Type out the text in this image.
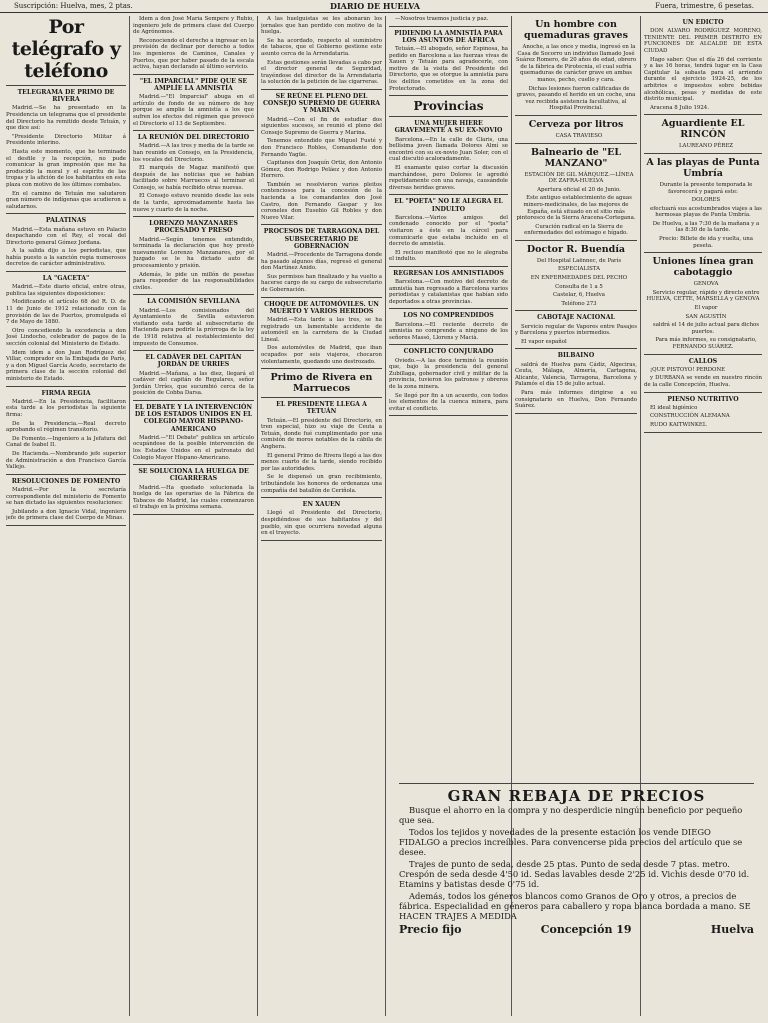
Suscripción: Huelva, mes, 2 ptas.	DIARIO DE HUELVA	Fuera, trimestre, 6 pesetas.
Por telégrafo y teléfono
TELEGRAMA DE PRIMO DE RIVERA

Madrid.—Se ha presentado en la Presidencia un telegrama que el presidente del Directorio ha remitido desde Tetuán, y que dice así:

"Presidente Directorio Militar á Presidente interino.

Hasta este momento, que he terminado el desfile y la recepción, no pude comunicar la gran impresión que me ha producido la moral y el espíritu de las tropas y la afición de los habitantes en esta plaza con motivo de los últimos combates.

En el camino de Tetuán me saludaron gran número de indígenas que acudieron a saludarnos.

PALATINAS

Madrid.—Esta mañana estuvo en Palacio despachando con el Rey, el vocal del Directorio general Gómez Jordana.

A la salida dijo a los periodistas, que había puesto a la sanción regia numerosos decretos de carácter administrativo.

LA "GACETA"

Madrid.—Este diario oficial, entre otras, publica las siguientes disposiciones:

Modificando el artículo 68 del R. D. de 11 de Junio de 1912 relacionado con la provisión de las de Puertos, promulgada el 7 de Mayo de 1880.

Otro concediendo la excedencia a don José Lindocho, celebrador de pagos de la sección colonial del Ministerio de Estado.

Idem idem a don Juan Rodríguez del Villar, comprador en la Embajada de París, y a don Miguel García Acedo, secretario de primera clase de la sección colonial del ministerio de Estado.

FIRMA REGIA

Madrid.—En la Presidencia, facilitaron esta tarde a los periodistas la siguiente firma:

De la Presidencia.—Real decreto aprobando el régimen transitorio.

De Fomento.—Ingeniero a la Jefatura del Canal de Isabel II.

De Hacienda.—Nombrando jefe superior de Administración a don Francisco García Vallejo.

RESOLUCIONES DE FOMENTO

Madrid.—Por la secretaría correspondiente del ministerio de Fomento se han dictado las siguientes resoluciones:

Jubilando a don Ignacio Vidal, ingeniero jefe de primera clase del Cuerpo de Minas.

Idem a don José María Sempere y Rubio, ingeniero jefe de primera clase del Cuerpo de Agrónomos.

Reconociendo el derecho a ingresar en la previsión de declinar por derecho a todos los ingenieros de Caminos, Canales y Puertos, que por haber pasado de la escala activa, hayan declarado al último servicio.

"EL IMPARCIAL" PIDE QUE SE AMPLÍE LA AMNISTÍA

Madrid.—"El Imparcial" abuga en el artículo de fondo de su número de hoy porque se amplie la amnistía a los que sufren los efectos del régimen que provocó el Directorio el 13 de Septiembre.

LA REUNIÓN DEL DIRECTORIO

Madrid.—A las tres y media de la tarde se han reunido en Consejo, en la Presidencia, los vocales del Directorio.

El marqués de Magaz manifestó que después de las noticias que se habían facilitado sobre Marruecos al terminar el Consejo, se había recibido otras nuevas.

El Consejo estuvo reunido desde las seis de la tarde, aproximadamente hasta las nueve y cuarto de la noche.

LORENZO MANZANARES PROCESADO Y PRESO

Madrid.—Según tenemos entendido, terminada la declaración que hoy prestó nuevamente Lorenzo Manzanares, por el Juzgado se le ha dictado auto de procesamiento y prisión.

Además, le pide un millón de pesetas para responder de las responsabilidades civiles.

LA COMISIÓN SEVILLANA

Madrid.—Los comisionados del Ayuntamiento de Sevilla estuvieron visitando esta tarde al subsecretario de Hacienda para pedirle la prórroga de la ley de 1918 relativa al restablecimiento del impuesto de Consumos.

EL CADÁVER DEL CAPITÁN JORDÁN DE URRIES

Madrid.—Mañana, a las diez, llegará el cadáver del capitán de Regulares, señor Jordán Urríes, que sucumbió cerca de la posición de Cobba Darsa.

EL DEBATE Y LA INTERVENCIÓN DE LOS ESTADOS UNIDOS EN EL COLEGIO MAYOR HISPANO-AMERICANO

Madrid.—"El Debate" publica un artículo ocupándose de la posible intervención de los Estados Unidos en el patronato del Colegio Mayor Hispano-Americano.

SE SOLUCIONA LA HUELGA DE CIGARRERAS

Madrid.—Ha quedado solucionada la huelga de las operarias de la Fábrica de Tabacos de Madrid, las cuales comenzaron el trabajo en la próxima semana.

A las huelguistas se les abonarán los jornales que han perdido con motivo de la huelga.

Se ha acordado, respecto al suministro de tabacos, que el Gobierno gestione este asunto cerca de la Arrendataria.

Estas gestiones serán llevadas a cabo por el director general de Seguridad, trayéndose del director de la Arrendataria la solución de la petición de las cigarreras.

SE REÚNE EL PLENO DEL CONSEJO SUPREMO DE GUERRA Y MARINA

Madrid.—Con el fin de estudiar dos siguientes sucesos, se reunió el pleno del Consejo Supremo de Guerra y Marina.

Tenemos entendido que Miguel Fusté y don Francisco Robles, Comandante don Fernando Yagüe.

Capitanes don Joaquín Ortiz, don Antonio Gómez, don Rodrigo Peláez y don Antonio Herrero.

También se resolvieron varios pleitos contenciosos para la concesión de la hacienda a los comandantes don José Castro, don Fernando Gaspar y los coroneles don Eusebio Gil Robles y don Nuevo Vilar.

PROCESOS DE TARRAGONA DEL SUBSECRETARIO DE GOBERNACIÓN

Madrid.—Procedente de Tarragona donde ha pasado algunos días, regresó el general don Martínez Anido.

Sus permisos han finalizado y ha vuelto a hacerse cargo de su cargo de subsecretario de Gobernación.

CHOQUE DE AUTOMÓVILES. UN MUERTO Y VARIOS HERIDOS

Madrid.—Esta tarde a las tres, se ha registrado un lamentable accidente de automóvil en la carretera de la Ciudad Lineal.

Dos automóviles de Madrid, que iban ocupados por seis viajeros, chocaron violentamente, quedando uno destrozado.

Primo de Rivera en Marruecos
EL PRESIDENTE LLEGA A TETUÁN

Tetuán.—El presidente del Directorio, en tren especial, hizo su viaje de Ceuta a Tetuán, donde fué cumplimentado por una comisión de moros notables de la cábila de Anghera.

El general Primo de Rivera llegó a las dos menos cuarto de la tarde, siendo recibido por las autoridades.

Se le dispensó un gran recibimiento, tributándole los honores de ordenanza una compañía del batallón de Ceriñola.

EN XAUEN

Llegó el Presidente del Directorio, despidiéndose de sus habitantes y del pueblo, sin que ocurriera novedad alguna en el trayecto.

—Nosotros traemos justicia y paz.

PIDIENDO LA AMNISTÍA PARA LOS ASUNTOS DE ÁFRICA

Tetuán.—El abogado, señor Espinosa, ha pedido en Barcelona a las fuerzas vivas de Xauen y Tetuán para agradecerle, con motivo de la visita del Presidente del Directorio, que se otorgue la amnistía para los delitos cometidos en la zona del Protectorado.

Provincias
UNA MUJER HIERE GRAVEMENTE A SU EX-NOVIO

Barcelona.—En la calle de Claris, una bellísima joven llamada Dolores Almí se encontró con su ex-novio Juan Soler, con el cual discutió acaloradamente.

El examante quiso cortar la discusión marchándose, pero Dolores le agredió repetidamente con una navaja, causándole diversas heridas graves.

EL "POETA" NO LE ALEGRA EL INDULTO

Barcelona.—Varios amigos del condenado conocido por el "poeta" visitaron a éste en la cárcel para comunicarle que estaba incluído en el decreto de amnistía.

El recluso manifestó que no le alegraba el indulto.

REGRESAN LOS AMNISTIADOS

Barcelona.—Con motivo del decreto de amnistía han regresado a Barcelona varios periodistas y catalanistas que habían sido deportados a otras provincias.

LOS NO COMPRENDIDOS

Barcelona.—El reciente decreto de amnistía no comprende a ninguno de los señores Massó, Llorens y Macià.

CONFLICTO CONJURADO

Oviedo.—A las doce terminó la reunión que, bajo la presidencia del general Zubillaga, gobernador civil y militar de la provincia, tuvieron los patronos y obreros de la zona minera.

Se llegó por fin a un acuerdo, con todos los elementos de la cuenca minera, para evitar el conflicto.

Un hombre con quemaduras graves

Anoche, a las once y media, ingresó en la Casa de Socorro un individuo llamado José Suárez Romero, de 20 años de edad, obrero de la fábrica de Pirotecnia, el cual sufría quemaduras de carácter grave en ambas manos, pecho, cuello y cara.

Dichas lesiones fueron calificadas de graves, pasando el herido en un coche, una vez recibida asistencia facultativa, al Hospital Provincial.

Cerveza por litros

CASA TRAVIESO

Balneario de "EL MANZANO"

ESTACIÓN DE GIL MÁRQUEZ.—LÍNEA DE ZAFRA-HUELVA

Apertura oficial el 20 de Junio.

Este antiguo establecimiento de aguas minero-medicinales, de las mejores de España, está situado en el sitio más pintoresco de la Sierra Aracena-Cortegana.

Curación radical en la Sierra de enfermedades del estómago e hígado.

Doctor R. Buendía

Del Hospital Laënnec, de París

ESPECIALISTA

EN ENFERMEDADES DEL PECHO

Consulta de 1 a 5

Castelar, 6, Huelva

Teléfono 273

CABOTAJE NACIONAL

Servicio regular de Vapores entre Pasajes y Barcelona y puertos intermedios.

El vapor español

BILBAINO

saldrá de Huelva para Cádiz, Algeciras, Ceuta, Málaga, Almería, Cartagena, Alicante, Valencia, Tarragona, Barcelona y Palamós el día 15 de julio actual.

Para más informes dirigirse a su consignatario en Huelva, Don Fernando Suárez.

UN EDICTO

DON ALVARO RODRÍGUEZ MORENO, TENIENTE DEL PRIMER DISTRITO EN FUNCIONES DE ALCALDE DE ESTA CIUDAD

Hago saber: Que el día 26 del corriente y a las 16 horas, tendrá lugar en la Casa Capitular la subasta para el arriendo durante el ejercicio 1924-25, de los arbitrios e impuestos sobre bebidas alcohólicas, pesas y medidas de este distrito municipal.

Aracena 8 Julio 1924.

Aguardiente EL RINCÓN

LAUREANO PÉREZ

A las playas de Punta Umbría

Durante la presente temporada le favorecerá y pagará este:

DOLORES

efectuará sus acostumbrados viajes a las hermosas playas de Punta Umbría.

De Huelva, a las 7:30 de la mañana y a las 8:30 de la tarde.

Precio: Billete de ida y vuelta, una peseta.

Uniones línea gran cabotaggio

GENOVA

Servicio regular, rápido y directo entre HUELVA, CETTE, MARSELLA y GENOVA

El vapor

SAN AGUSTÍN

saldrá el 14 de julio actual para dichos puertos.

Para más informes, su consignatario, FERNANDO SUÁREZ.

CALLOS

¡QUE PISTOYO! PERDONE

y DURBANA se vende en nuestro rincón de la calle Concepción, Huelva.

PIENSO NUTRITIVO

El ideal higiénico

CONSTRUCCIÓN ALEMANA

RUDO KAITWINKEL

GRAN REBAJA DE PRECIOS

Busque el ahorro en la compra y no desperdicie ningún beneficio por pequeño que sea.

Todos los tejidos y novedades de la presente estación los vende DIEGO FIDALGO a precios increíbles. Para convencerse pida precios del artículo que se desee.

Trajes de punto de seda, desde 25 ptas. Punto de seda desde 7 ptas. metro. Crespón de seda desde 4'50 id. Sedas lavables desde 2'25 id. Vichis desde 0'70 id. Etamins y batistas desde 0'75 id.

Además, todos los géneros blancos como Granos de Oro y otros, a precios de fábrica. Especialidad en géneros para caballero y ropa blanca bordada a mano. SE HACEN TRAJES A MEDIDA

Precio fijo	Concepción 19	Huelva
